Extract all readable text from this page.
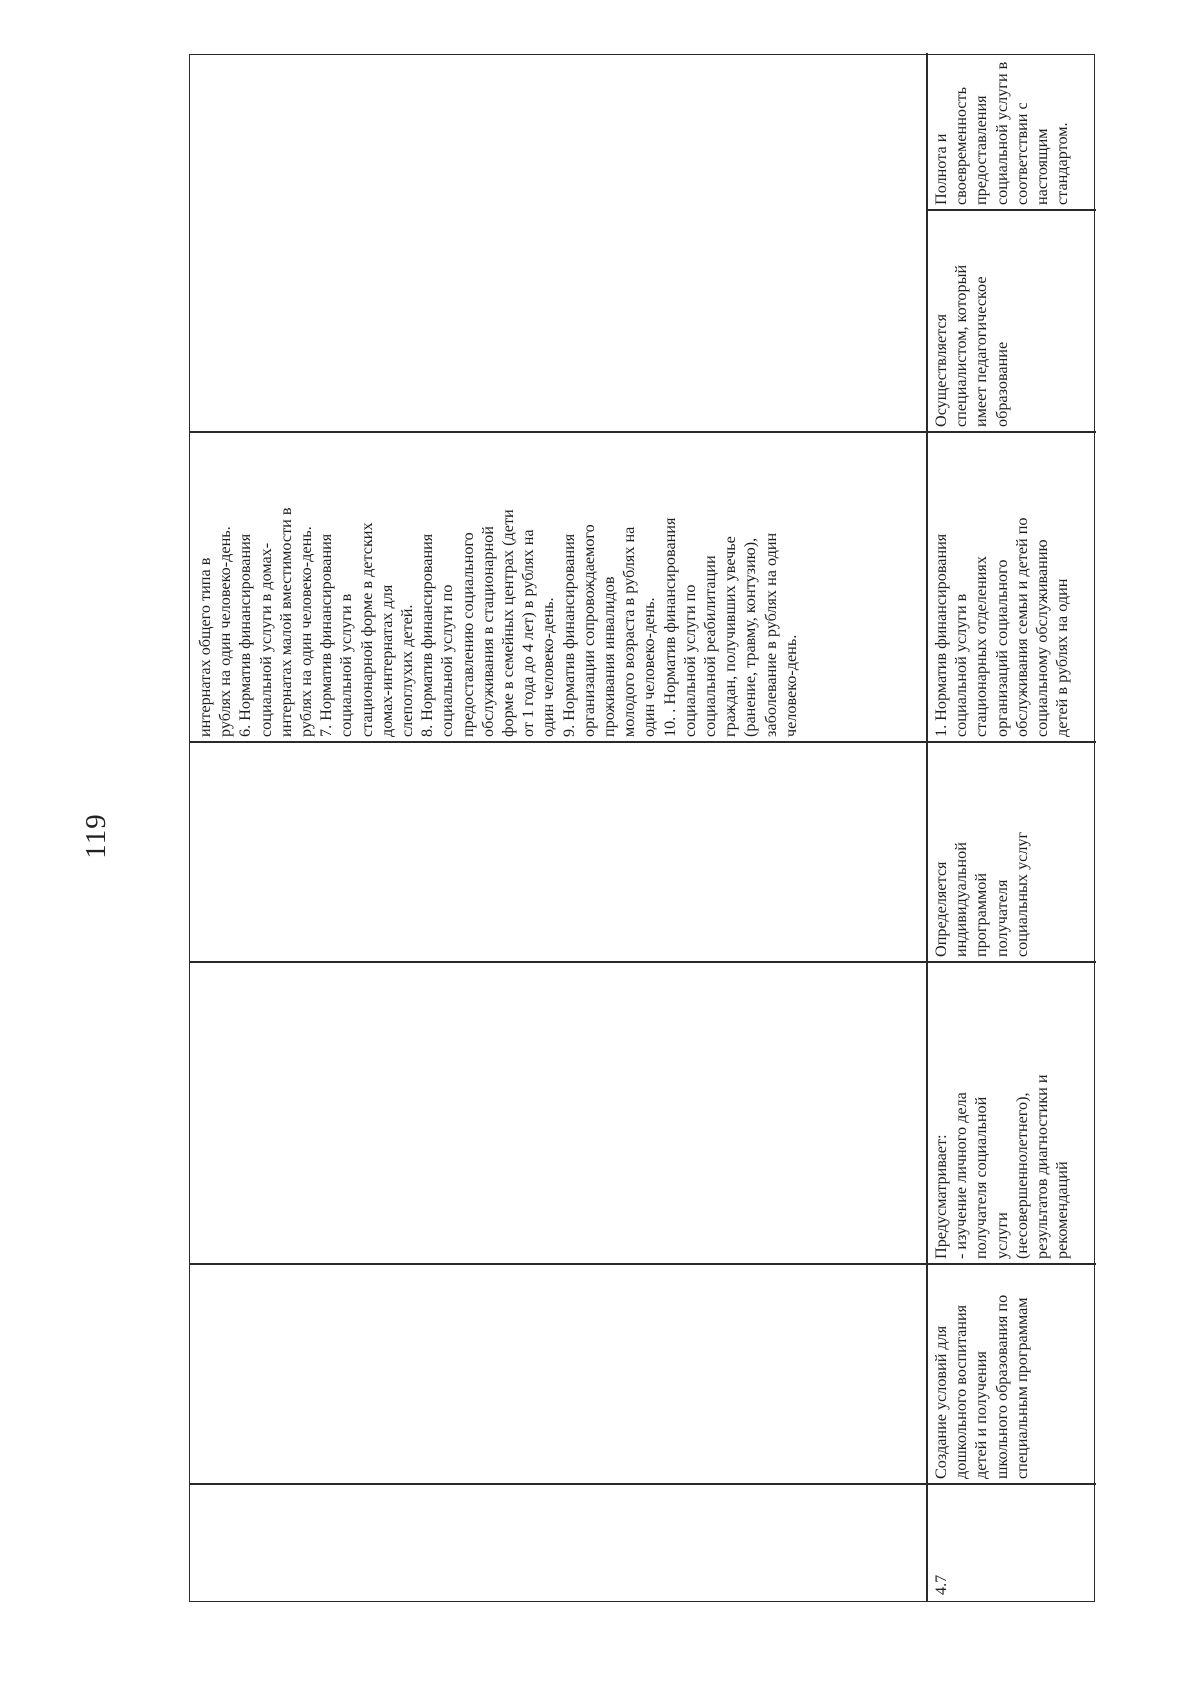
119
интернатах общего типа в
рублях на один человеко-день.
6. Норматив финансирования
социальной услуги в домах-
интернатах малой вместимости в
рублях на один человеко-день.
7. Норматив финансирования
социальной услуги в
стационарной форме в детских
домах-интернатах для
слепоглухих детей.
8. Норматив финансирования
социальной услуги по
предоставлению социального
обслуживания в стационарной
форме в семейных центрах (дети
от 1 года до 4 лет) в рублях на
один человеко-день.
9. Норматив финансирования
организации сопровождаемого
проживания инвалидов
молодого возраста в рублях на
один человеко-день.
10. . Норматив финансирования
социальной услуги по
социальной реабилитации
граждан, получивших увечье
(ранение, травму, контузию),
заболевание в рублях на один
человеко-день.
4.7
Создание условий для
дошкольного воспитания
детей и получения
школьного образования по
специальным программам
Предусматривает:
- изучение личного дела
получателя социальной
услуги
(несовершеннолетнего),
результатов диагностики и
рекомендаций
Определяется
индивидуальной
программой
получателя
социальных услуг
1. Норматив финансирования
социальной услуги в
стационарных отделениях
организаций социального
обслуживания семьи и детей по
социальному обслуживанию
детей в рублях на один
Осуществляется
специалистом, который
имеет педагогическое
образование
Полнота и
своевременность
предоставления
социальной услуги в
соответствии с
настоящим
стандартом.
